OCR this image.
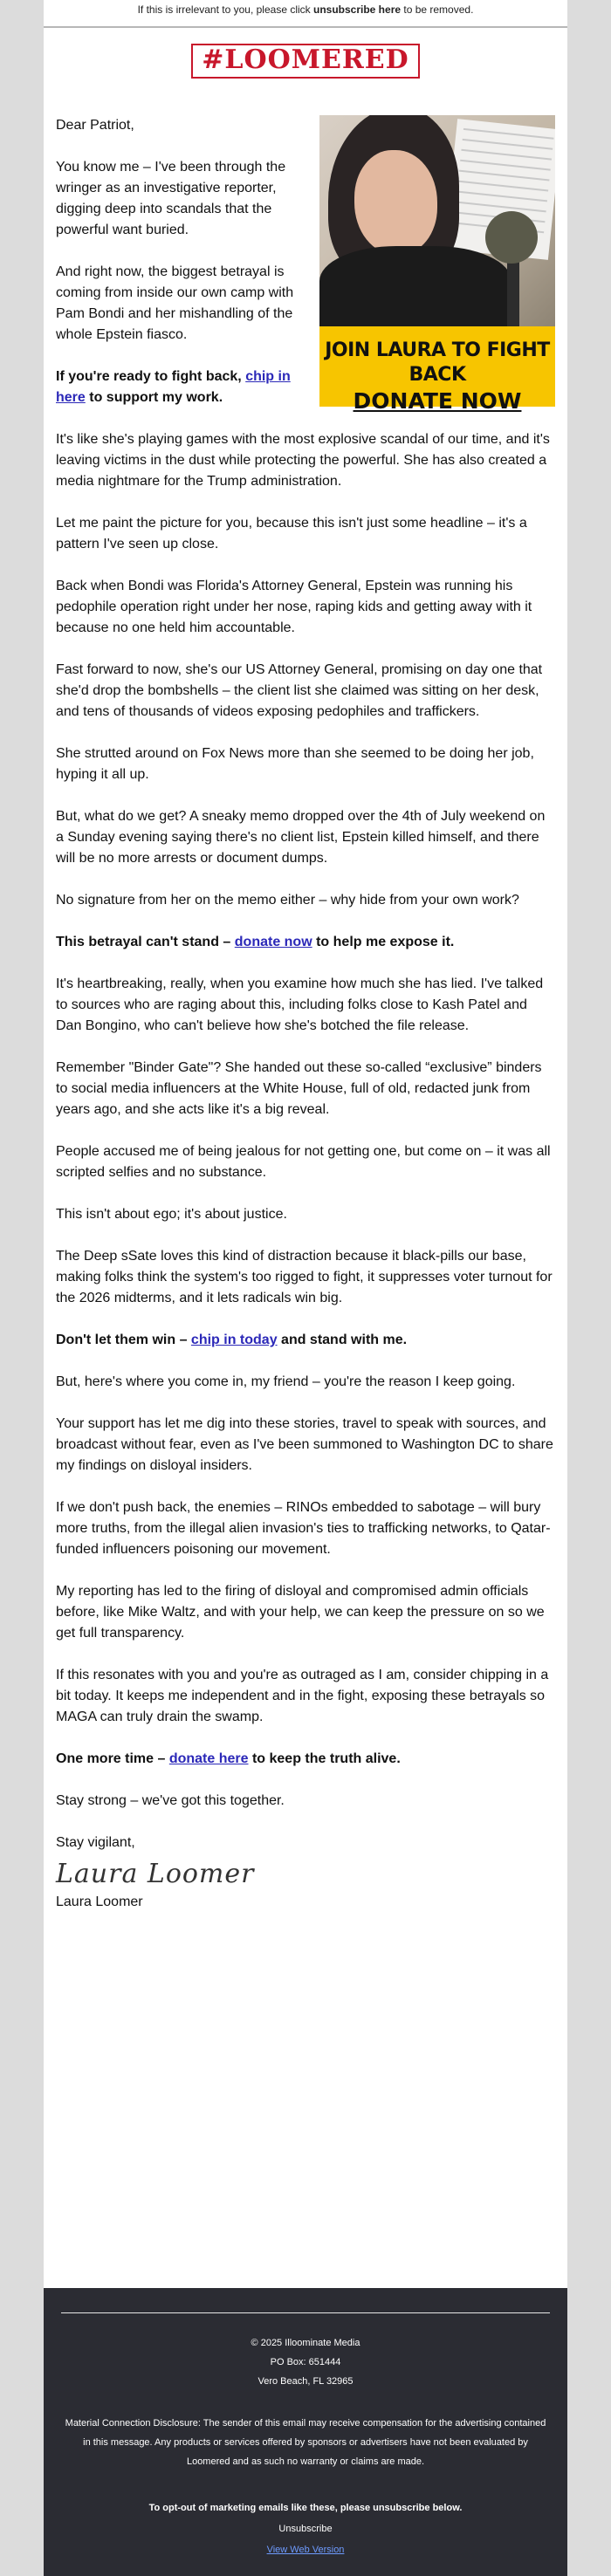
If this is irrelevant to you, please click unsubscribe here to be removed.
#LOOMERED
JOIN LAURA TO FIGHT BACK
DONATE NOW

Dear Patriot,

You know me – I've been through the wringer as an investigative reporter, digging deep into scandals that the powerful want buried.

And right now, the biggest betrayal is coming from inside our own camp with Pam Bondi and her mishandling of the whole Epstein fiasco.

If you're ready to fight back, chip in here to support my work.

It's like she's playing games with the most explosive scandal of our time, and it's leaving victims in the dust while protecting the powerful. She has also created a media nightmare for the Trump administration.

Let me paint the picture for you, because this isn't just some headline – it's a pattern I've seen up close.

Back when Bondi was Florida's Attorney General, Epstein was running his pedophile operation right under her nose, raping kids and getting away with it because no one held him accountable.

Fast forward to now, she's our US Attorney General, promising on day one that she'd drop the bombshells – the client list she claimed was sitting on her desk, and tens of thousands of videos exposing pedophiles and traffickers.

She strutted around on Fox News more than she seemed to be doing her job, hyping it all up.

But, what do we get? A sneaky memo dropped over the 4th of July weekend on a Sunday evening saying there's no client list, Epstein killed himself, and there will be no more arrests or document dumps.

No signature from her on the memo either – why hide from your own work?

This betrayal can't stand – donate now to help me expose it.

It's heartbreaking, really, when you examine how much she has lied. I've talked to sources who are raging about this, including folks close to Kash Patel and Dan Bongino, who can't believe how she's botched the file release.

Remember "Binder Gate"? She handed out these so-called “exclusive” binders to social media influencers at the White House, full of old, redacted junk from years ago, and she acts like it's a big reveal.

People accused me of being jealous for not getting one, but come on – it was all scripted selfies and no substance.

This isn't about ego; it's about justice.

The Deep sSate loves this kind of distraction because it black-pills our base, making folks think the system's too rigged to fight, it suppresses voter turnout for the 2026 midterms, and it lets radicals win big.

Don't let them win – chip in today and stand with me.

But, here's where you come in, my friend – you're the reason I keep going.

Your support has let me dig into these stories, travel to speak with sources, and broadcast without fear, even as I've been summoned to Washington DC to share my findings on disloyal insiders.

If we don't push back, the enemies – RINOs embedded to sabotage – will bury more truths, from the illegal alien invasion's ties to trafficking networks, to Qatar-funded influencers poisoning our movement.

My reporting has led to the firing of disloyal and compromised admin officials before, like Mike Waltz, and with your help, we can keep the pressure on so we get full transparency.

If this resonates with you and you're as outraged as I am, consider chipping in a bit today. It keeps me independent and in the fight, exposing these betrayals so MAGA can truly drain the swamp.

One more time – donate here to keep the truth alive.

Stay strong – we've got this together.

Stay vigilant,
Laura Loomer
Laura Loomer
© 2025 Illoominate Media
PO Box: 651444
Vero Beach, FL 32965
Material Connection Disclosure: The sender of this email may receive compensation for the advertising contained in this message. Any products or services offered by sponsors or advertisers have not been evaluated by Loomered and as such no warranty or claims are made.
To opt-out of marketing emails like these, please unsubscribe below.
Unsubscribe
View Web Version
